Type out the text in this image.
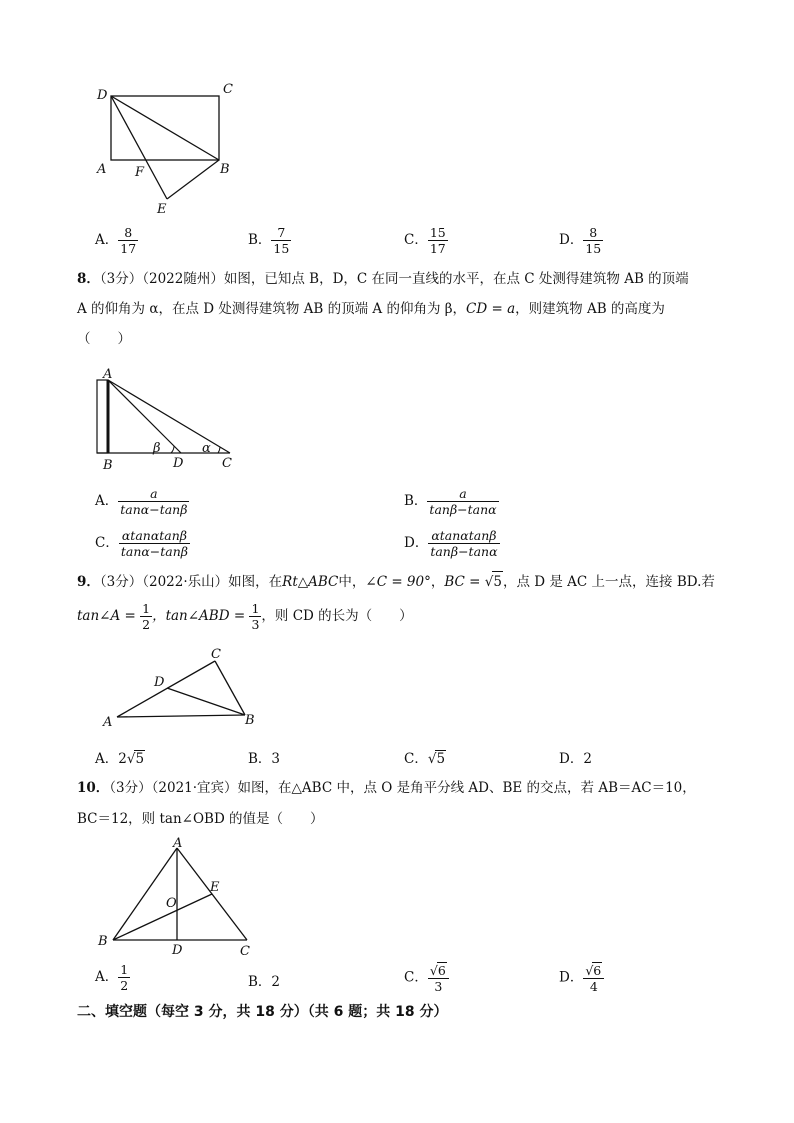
D	C
A F	B
E
A． $\frac{8}{17}$	B． $\frac{7}{15}$	C． $\frac{15}{17}$	D． $\frac{8}{15}$
8．（3分）（2022随州）如图，已知点 B，D，C 在同一直线的水平，在点 C 处测得建筑物 AB 的顶端
A 的仰角为 α，在点 D 处测得建筑物 AB 的顶端 A 的仰角为 β，CD = a，则建筑物 AB 的高度为
（　　）
A
B	D	C
β	α
A． $\frac{a}{\tan\alpha-\tan\beta}$	B． $\frac{a}{\tan\beta-\tan\alpha}$
C． $\frac{\alpha\tan\alpha\tan\beta}{\tan\alpha-\tan\beta}$	D． $\frac{\alpha\tan\alpha\tan\beta}{\tan\beta-\tan\alpha}$
9．（3分）（2022·乐山）如图，在Rt△ABC中，∠C = 90°，BC = √5，点 D 是 AC 上一点，连接 BD.若
tan∠A = $\frac{1}{2}$ ，tan∠ABD = $\frac{1}{3}$ ，则 CD 的长为（　　）
C
D
A	B
A．2√5	B．3	C．√5	D．2
10．（3分）（2021·宜宾）如图，在△ABC 中，点 O 是角平分线 AD、BE 的交点，若 AB＝AC＝10，
BC＝12，则 tan∠OBD 的值是（　　）
A
E
O
B
D	C
A． $\frac{1}{2}$	B．2	C． $\frac{√6}{3}$	D． $\frac{√6}{4}$
二、填空题（每空 3 分，共 18 分）（共 6 题；共 18 分）
